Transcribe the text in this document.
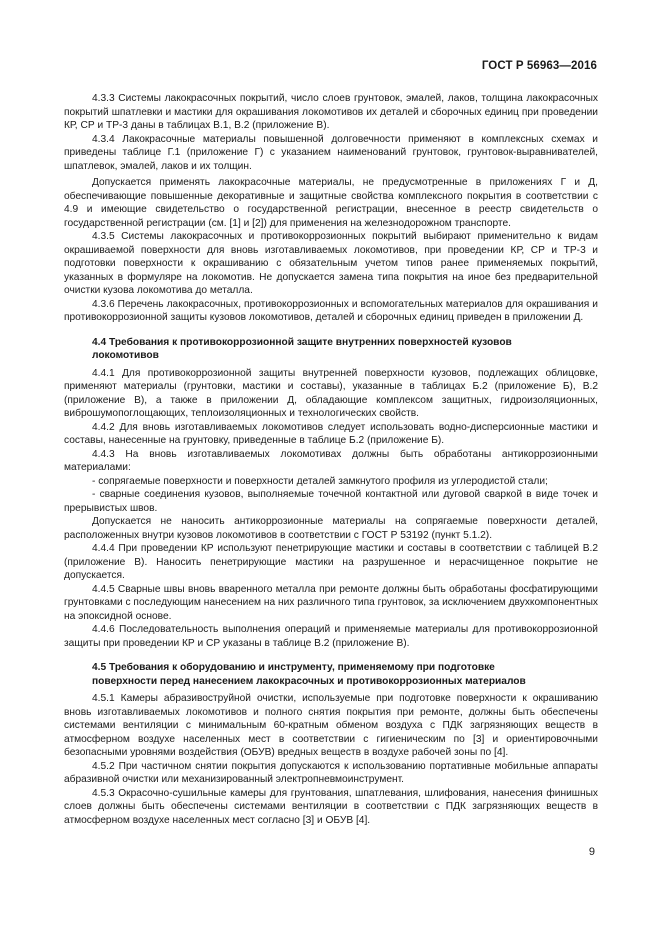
ГОСТ Р 56963—2016

4.3.3 Системы лакокрасочных покрытий, число слоев грунтовок, эмалей, лаков, толщина лакокрасочных покрытий шпатлевки и мастики для окрашивания локомотивов их деталей и сборочных единиц при проведении КР, СР и ТР-3 даны в таблицах В.1, В.2 (приложение В).

4.3.4 Лакокрасочные материалы повышенной долговечности применяют в комплексных схемах и приведены таблице Г.1 (приложение Г) с указанием наименований грунтовок, грунтовок-выравнивателей, шпатлевок, эмалей, лаков и их толщин.

Допускается применять лакокрасочные материалы, не предусмотренные в приложениях Г и Д, обеспечивающие повышенные декоративные и защитные свойства комплексного покрытия в соответствии с 4.9 и имеющие свидетельство о государственной регистрации, внесенное в реестр свидетельств о государственной регистрации (см. [1] и [2]) для применения на железнодорожном транспорте.

4.3.5 Системы лакокрасочных и противокоррозионных покрытий выбирают применительно к видам окрашиваемой поверхности для вновь изготавливаемых локомотивов, при проведении КР, СР и ТР-3 и подготовки поверхности к окрашиванию с обязательным учетом типов ранее применяемых покрытий, указанных в формуляре на локомотив. Не допускается замена типа покрытия на иное без предварительной очистки кузова локомотива до металла.

4.3.6 Перечень лакокрасочных, противокоррозионных и вспомогательных материалов для окрашивания и противокоррозионной защиты кузовов локомотивов, деталей и сборочных единиц приведен в приложении Д.

4.4 Требования к противокоррозионной защите внутренних поверхностей кузовов
локомотивов

4.4.1 Для противокоррозионной защиты внутренней поверхности кузовов, подлежащих облицовке, применяют материалы (грунтовки, мастики и составы), указанные в таблицах Б.2 (приложение Б), В.2 (приложение В), а также в приложении Д, обладающие комплексом защитных, гидроизоляционных, виброшумопоглощающих, теплоизоляционных и технологических свойств.

4.4.2 Для вновь изготавливаемых локомотивов следует использовать водно-дисперсионные мастики и составы, нанесенные на грунтовку, приведенные в таблице Б.2 (приложение Б).

4.4.3 На вновь изготавливаемых локомотивах должны быть обработаны антикоррозионными материалами:

- сопрягаемые поверхности и поверхности деталей замкнутого профиля из углеродистой стали;

- сварные соединения кузовов, выполняемые точечной контактной или дуговой сваркой в виде точек и прерывистых швов.

Допускается не наносить антикоррозионные материалы на сопрягаемые поверхности деталей, расположенных внутри кузовов локомотивов в соответствии с ГОСТ Р 53192 (пункт 5.1.2).

4.4.4 При проведении КР используют пенетрирующие мастики и составы в соответствии с таблицей В.2 (приложение В). Наносить пенетрирующие мастики на разрушенное и нерасчищенное покрытие не допускается.

4.4.5 Сварные швы вновь вваренного металла при ремонте должны быть обработаны фосфатирующими грунтовками с последующим нанесением на них различного типа грунтовок, за исключением двухкомпонентных на эпоксидной основе.

4.4.6 Последовательность выполнения операций и применяемые материалы для противокоррозионной защиты при проведении КР и СР указаны в таблице В.2 (приложение В).

4.5 Требования к оборудованию и инструменту, применяемому при подготовке
поверхности перед нанесением лакокрасочных и противокоррозионных материалов

4.5.1 Камеры абразивоструйной очистки, используемые при подготовке поверхности к окрашиванию вновь изготавливаемых локомотивов и полного снятия покрытия при ремонте, должны быть обеспечены системами вентиляции с минимальным 60-кратным обменом воздуха с ПДК загрязняющих веществ в атмосферном воздухе населенных мест в соответствии с гигиеническим по [3] и ориентировочными безопасными уровнями воздействия (ОБУВ) вредных веществ в воздухе рабочей зоны по [4].

4.5.2 При частичном снятии покрытия допускаются к использованию портативные мобильные аппараты абразивной очистки или механизированный электропневмоинструмент.

4.5.3 Окрасочно-сушильные камеры для грунтования, шпатлевания, шлифования, нанесения финишных слоев должны быть обеспечены системами вентиляции в соответствии с ПДК загрязняющих веществ в атмосферном воздухе населенных мест согласно [3] и ОБУВ [4].

9
